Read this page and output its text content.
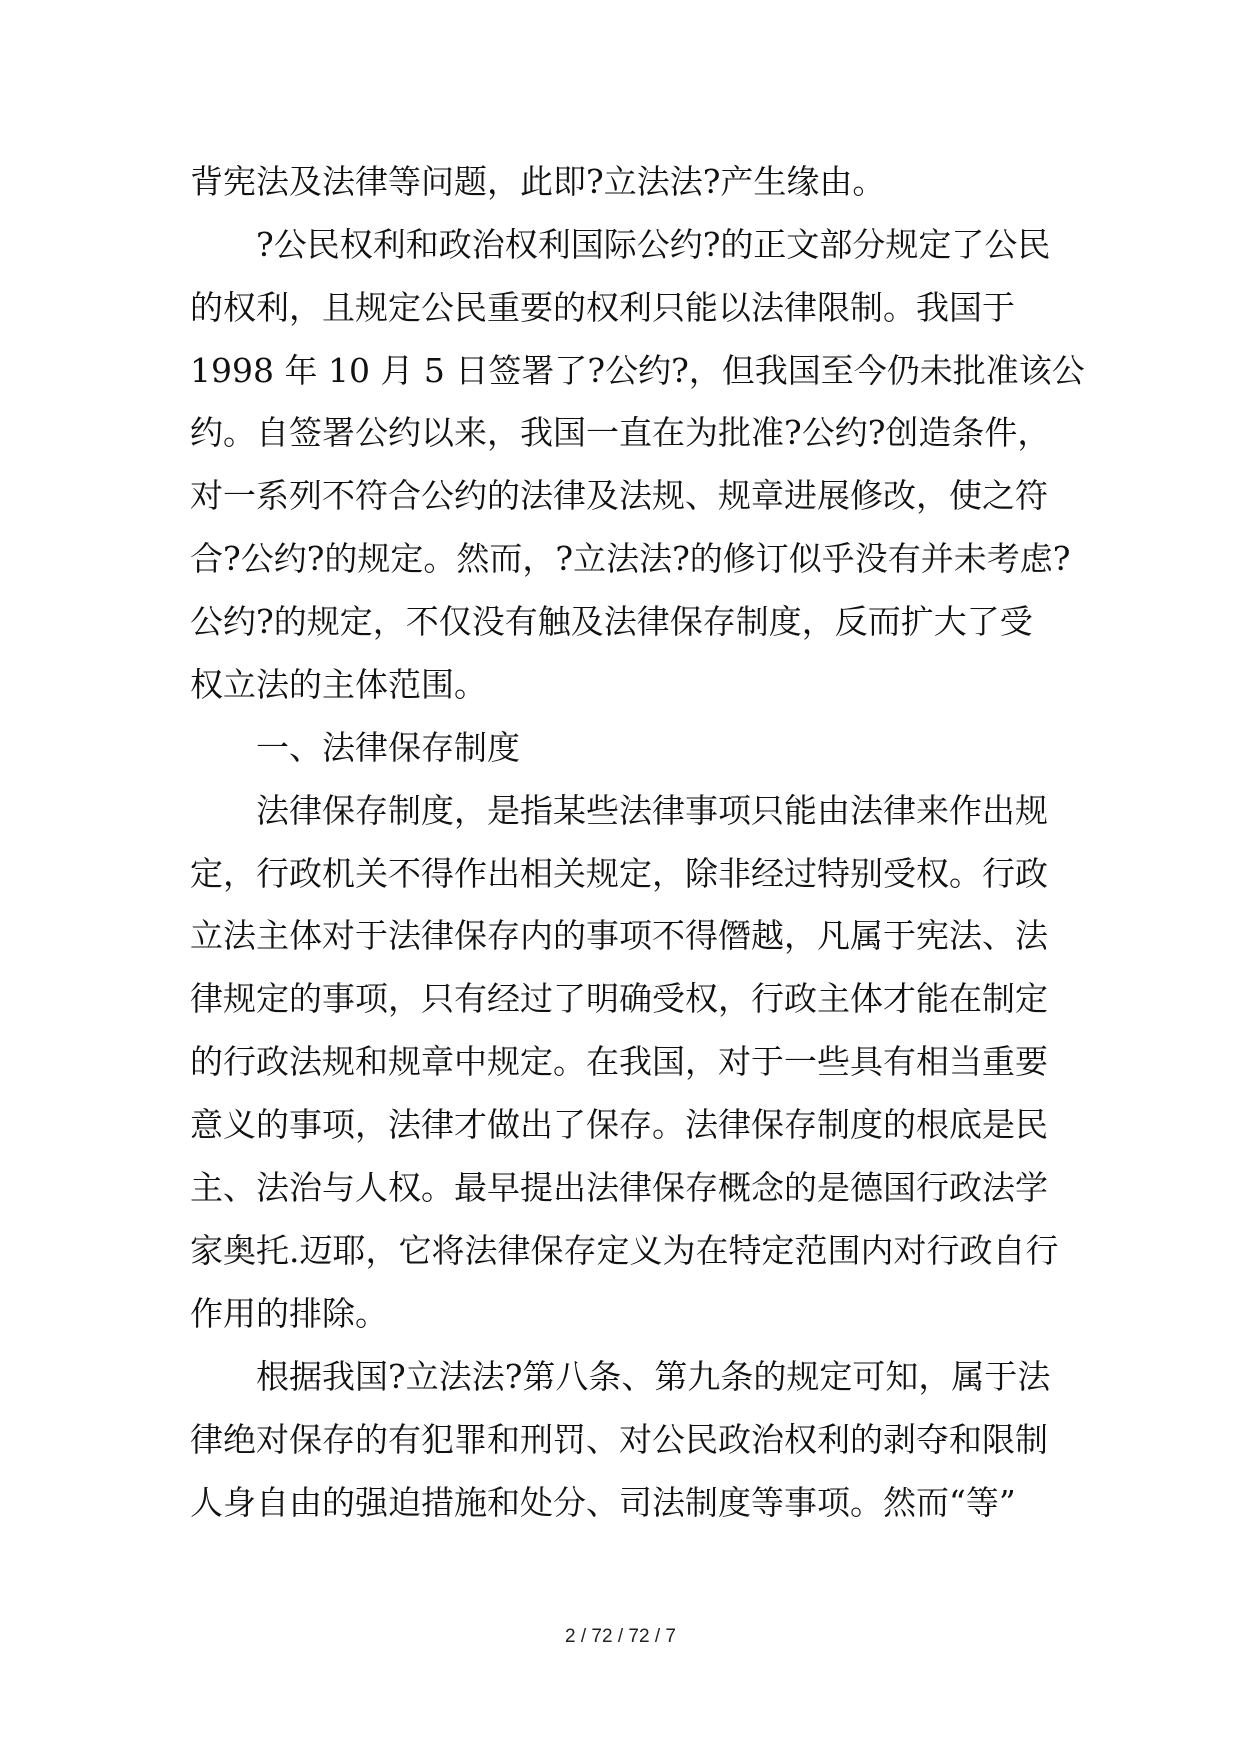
背宪法及法律等问题，此即?立法法?产生缘由。
?公民权利和政治权利国际公约?的正文部分规定了公民
的权利，且规定公民重要的权利只能以法律限制。我国于
1998 年 10 月 5 日签署了?公约?，但我国至今仍未批准该公
约。自签署公约以来，我国一直在为批准?公约?创造条件，
对一系列不符合公约的法律及法规、规章进展修改，使之符
合?公约?的规定。然而，?立法法?的修订似乎没有并未考虑?
公约?的规定，不仅没有触及法律保存制度，反而扩大了受
权立法的主体范围。
一、法律保存制度
法律保存制度，是指某些法律事项只能由法律来作出规
定，行政机关不得作出相关规定，除非经过特别受权。行政
立法主体对于法律保存内的事项不得僭越，凡属于宪法、法
律规定的事项，只有经过了明确受权，行政主体才能在制定
的行政法规和规章中规定。在我国，对于一些具有相当重要
意义的事项，法律才做出了保存。法律保存制度的根底是民
主、法治与人权。最早提出法律保存概念的是德国行政法学
家奥托.迈耶，它将法律保存定义为在特定范围内对行政自行
作用的排除。
根据我国?立法法?第八条、第九条的规定可知，属于法
律绝对保存的有犯罪和刑罚、对公民政治权利的剥夺和限制
人身自由的强迫措施和处分、司法制度等事项。然而“等”
2 / 72 / 72 / 7
